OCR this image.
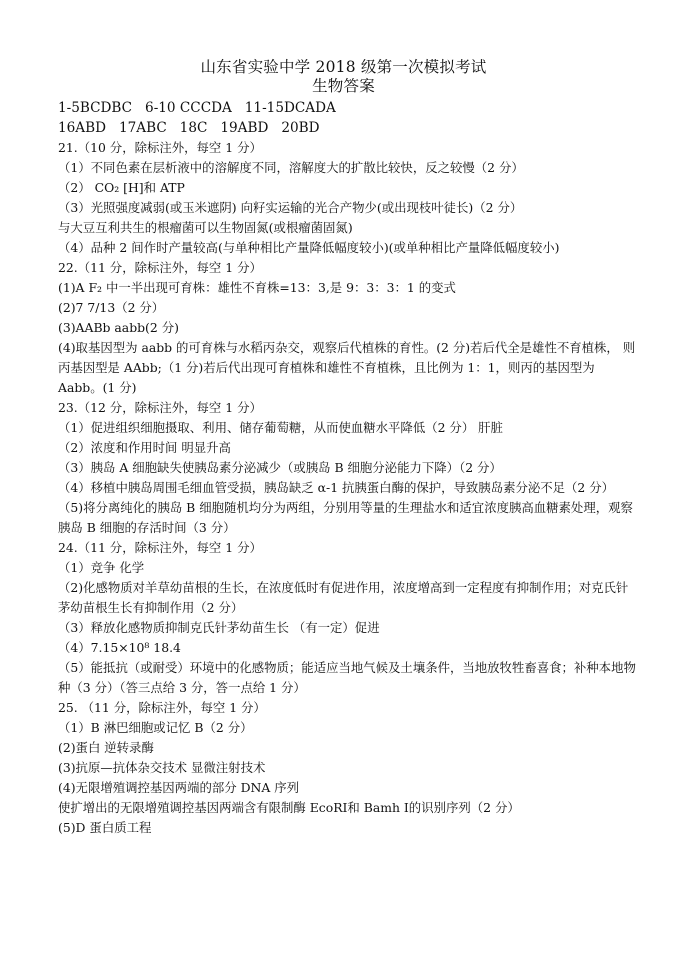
山东省实验中学 2018 级第一次模拟考试
生物答案
1-5BCDBC   6-10 CCCDA   11-15DCADA
16ABD   17ABC   18C   19ABD   20BD
21.（10 分，除标注外，每空 1 分）
（1）不同色素在层析液中的溶解度不同，溶解度大的扩散比较快，反之较慢（2 分）
（2） CO₂ [H]和 ATP
（3）光照强度减弱(或玉米遮阴) 向籽实运输的光合产物少(或出现枝叶徒长)（2 分）
与大豆互利共生的根瘤菌可以生物固氮(或根瘤菌固氮)
（4）品种 2 间作时产量较高(与单种相比产量降低幅度较小)(或单种相比产量降低幅度较小)
22.（11 分，除标注外，每空 1 分）
(1)A F₂ 中一半出现可育株：雄性不育株=13：3,是 9：3：3：1 的变式
(2)7 7/13（2 分）
(3)AABb aabb(2 分)
(4)取基因型为 aabb 的可育株与水稻丙杂交，观察后代植株的育性。(2 分)若后代全是雄性不育植株， 则丙基因型是 AAbb;（1 分)若后代出现可育植株和雄性不育植株，且比例为 1：1，则丙的基因型为 Aabb。(1 分)
23.（12 分，除标注外，每空 1 分）
（1）促进组织细胞摄取、利用、储存葡萄糖，从而使血糖水平降低（2 分） 肝脏
（2）浓度和作用时间 明显升高
（3）胰岛 A 细胞缺失使胰岛素分泌减少（或胰岛 B 细胞分泌能力下降）（2 分）
（4）移植中胰岛周围毛细血管受损，胰岛缺乏 α-1 抗胰蛋白酶的保护，导致胰岛素分泌不足（2 分）
（5)将分离纯化的胰岛 B 细胞随机均分为两组，分别用等量的生理盐水和适宜浓度胰高血糖素处理，观察胰岛 B 细胞的存活时间（3 分）
24.（11 分，除标注外，每空 1 分）
（1）竞争 化学
（2)化感物质对羊草幼苗根的生长，在浓度低时有促进作用，浓度增高到一定程度有抑制作用；对克氏针茅幼苗根生长有抑制作用（2 分）
（3）释放化感物质抑制克氏针茅幼苗生长 （有一定）促进
（4）7.15×10⁸ 18.4
（5）能抵抗（或耐受）环境中的化感物质；能适应当地气候及土壤条件，当地放牧牲畜喜食；补种本地物种（3 分）（答三点给 3 分，答一点给 1 分）
25. （11 分，除标注外，每空 1 分）
（1）B 淋巴细胞或记忆 B（2 分）
(2)蛋白 逆转录酶
(3)抗原—抗体杂交技术 显微注射技术
(4)无限增殖调控基因两端的部分 DNA 序列
使扩增出的无限增殖调控基因两端含有限制酶 EcoRⅠ和 Bamh Ⅰ的识别序列（2 分）
(5)D 蛋白质工程
